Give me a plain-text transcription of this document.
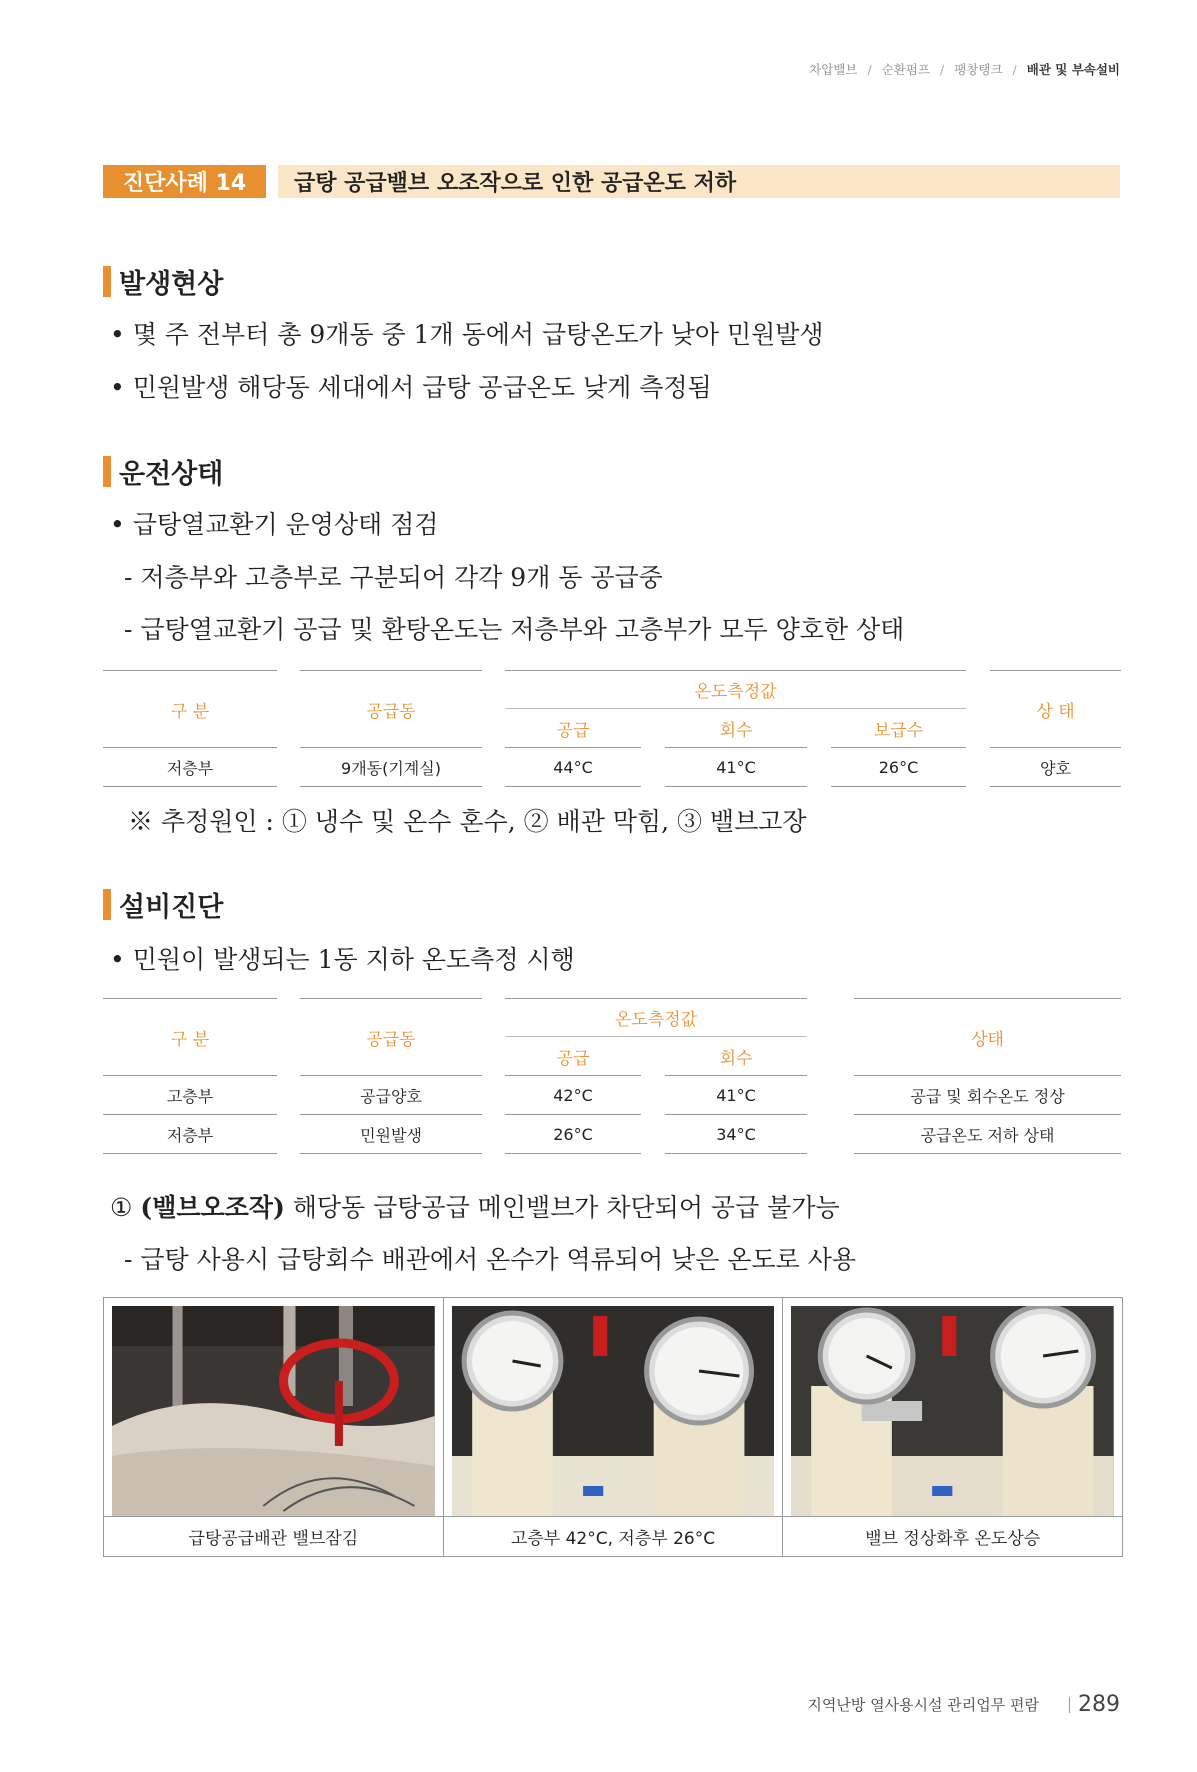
차압밸브 / 순환펌프 / 팽창탱크 / 배관 및 부속설비
진단사례 14	급탕 공급밸브 오조작으로 인한 공급온도 저하
발생현상
• 몇 주 전부터 총 9개동 중 1개 동에서 급탕온도가 낮아 민원발생
• 민원발생 해당동 세대에서 급탕 공급온도 낮게 측정됨
운전상태
• 급탕열교환기 운영상태 점검
- 저층부와 고층부로 구분되어 각각 9개 동 공급중
- 급탕열교환기 공급 및 환탕온도는 저층부와 고층부가 모두 양호한 상태
구 분		공급동		온도측정값						상 태
				공급		회수		보급수		
저층부		9개동(기계실)		44°C		41°C		26°C		양호
※ 추정원인 : ① 냉수 및 온수 혼수, ② 배관 막힘, ③ 밸브고장
설비진단
• 민원이 발생되는 1동 지하 온도측정 시행
구 분		공급동		온도측정값				상태
				공급		회수		
고층부		공급양호		42°C		41°C		공급 및 회수온도 정상
저층부		민원발생		26°C		34°C		공급온도 저하 상태
① (밸브오조작) 해당동 급탕공급 메인밸브가 차단되어 공급 불가능
- 급탕 사용시 급탕회수 배관에서 온수가 역류되어 낮은 온도로 사용
급탕공급배관 밸브잠김	고층부 42°C, 저층부 26°C	밸브 정상화후 온도상승
지역난방 열사용시설 관리업무 편람 289
